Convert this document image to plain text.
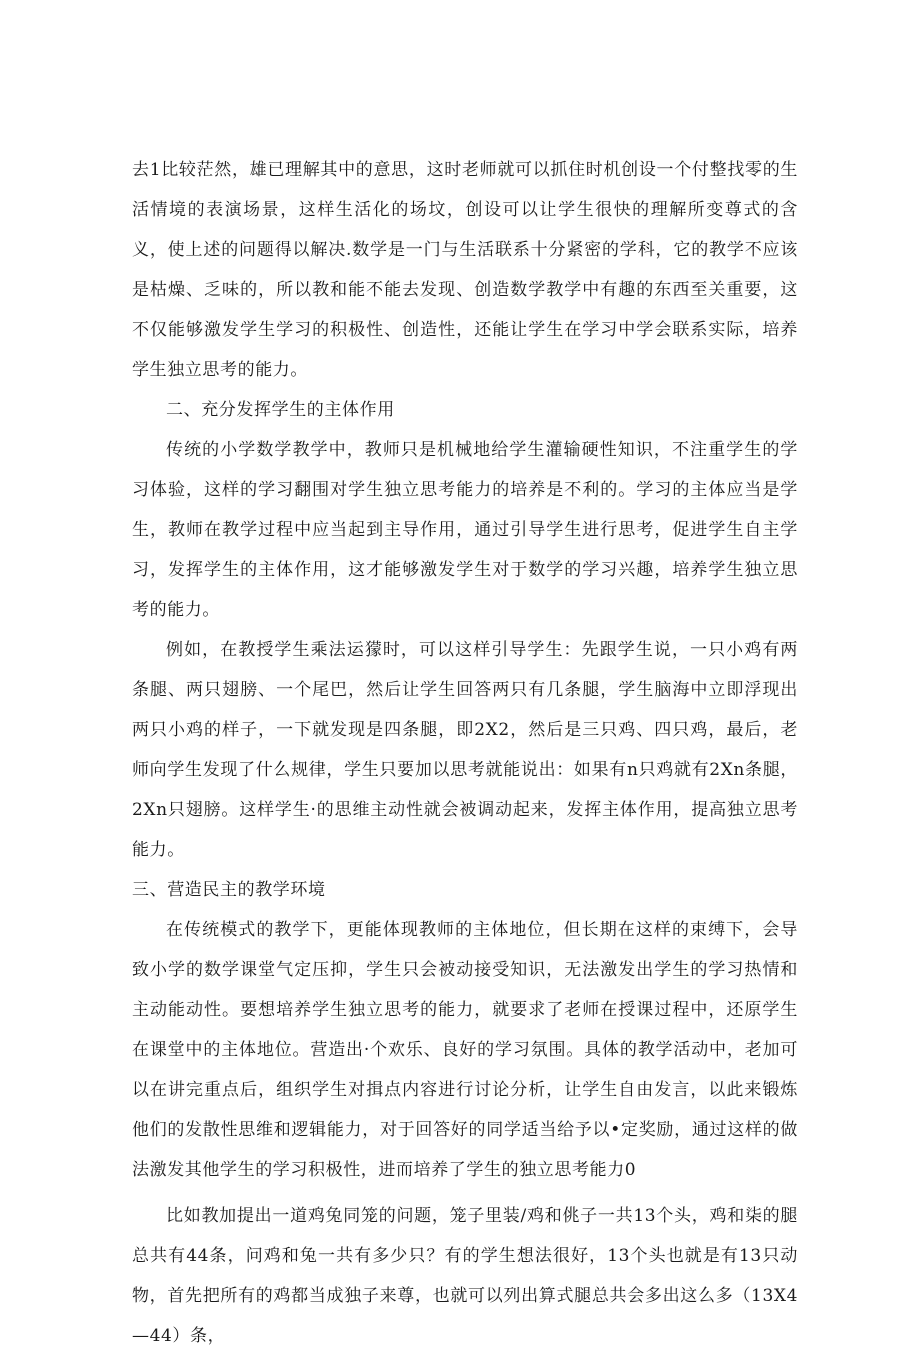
去1比较茫然，雄已理解其中的意思，这时老师就可以抓住时机创设一个付整找零的生活情境的表演场景，这样生活化的场坟，创设可以让学生很快的理解所变尊式的含义，使上述的问题得以解决.数学是一门与生活联系十分紧密的学科，它的教学不应该是枯燥、乏味的，所以教和能不能去发现、创造数学教学中有趣的东西至关重要，这不仅能够激发学生学习的积极性、创造性，还能让学生在学习中学会联系实际，培养学生独立思考的能力。

二、充分发挥学生的主体作用

传统的小学数学教学中，教师只是机械地给学生灌输硬性知识，不注重学生的学习体验，这样的学习翻围对学生独立思考能力的培养是不利的。学习的主体应当是学生，教师在教学过程中应当起到主导作用，通过引导学生进行思考，促进学生自主学习，发挥学生的主体作用，这才能够激发学生对于数学的学习兴趣，培养学生独立思考的能力。

例如，在教授学生乘法运獴时，可以这样引导学生：先跟学生说，一只小鸡有两条腿、两只翅膀、一个尾巴，然后让学生回答两只有几条腿，学生脑海中立即浮现出两只小鸡的样子，一下就发现是四条腿，即2X2，然后是三只鸡、四只鸡，最后，老师向学生发现了什么规律，学生只要加以思考就能说出：如果有n只鸡就有2Xn条腿，2Xn只翅膀。这样学生·的思维主动性就会被调动起来，发挥主体作用，提高独立思考能力。

三、营造民主的教学环境

在传统模式的教学下，更能体现教师的主体地位，但长期在这样的束缚下，会导致小学的数学课堂气定压抑，学生只会被动接受知识，无法激发出学生的学习热情和主动能动性。要想培养学生独立思考的能力，就要求了老师在授课过程中，还原学生在课堂中的主体地位。营造出·个欢乐、良好的学习氛围。具体的教学活动中，老加可以在讲完重点后，组织学生对揖点内容进行讨论分析，让学生自由发言，以此来锻炼他们的发散性思维和逻辑能力，对于回答好的同学适当给予以•定奖励，通过这样的做法激发其他学生的学习积极性，进而培养了学生的独立思考能力0

比如教加提出一道鸡兔同笼的问题，笼子里装/鸡和佻子一共13个头，鸡和柒的腿总共有44条，问鸡和兔一共有多少只？有的学生想法很好，13个头也就是有13只动物，首先把所有的鸡都当成独子来尊，也就可以列出算式腿总共会多出这么多（13X4—44）条，
